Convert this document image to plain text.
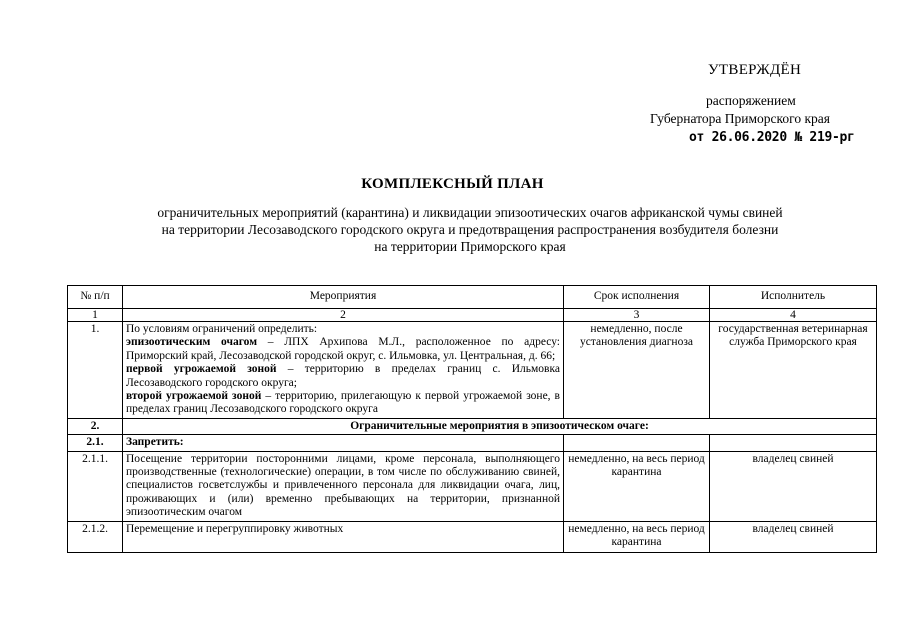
УТВЕРЖДЁН
распоряжением
Губернатора Приморского края
от 26.06.2020 № 219-рг
КОМПЛЕКСНЫЙ ПЛАН
ограничительных мероприятий (карантина) и ликвидации эпизоотических очагов африканской чумы свиней
на территории Лесозаводского городского округа и предотвращения распространения возбудителя болезни
на территории Приморского края
№ п/п	Мероприятия	Срок исполнения	Исполнитель
1	2	3	4
1.	По условиям ограничений определить:
эпизоотическим очагом – ЛПХ Архипова М.Л., расположенное по адресу: Приморский край, Лесозаводской городской округ, с. Ильмовка, ул. Центральная, д. 66;
первой угрожаемой зоной – территорию в пределах границ с. Ильмовка Лесозаводского городского округа;
второй угрожаемой зоной – территорию, прилегающую к первой угрожаемой зоне, в пределах границ Лесозаводского городского округа	немедленно, после установления диагноза	государственная ветеринарная служба Приморского края
2.	Ограничительные мероприятия в эпизоотическом очаге:		
2.1.	Запретить:		
2.1.1.	Посещение территории посторонними лицами, кроме персонала, выполняющего производственные (технологические) операции, в том числе по обслуживанию свиней, специалистов госветслужбы и привлеченного персонала для ликвидации очага, лиц, проживающих и (или) временно пребывающих на территории, признанной эпизоотическим очагом	немедленно, на весь период карантина	владелец свиней
2.1.2.	Перемещение и перегруппировку животных	немедленно, на весь период карантина	владелец свиней
